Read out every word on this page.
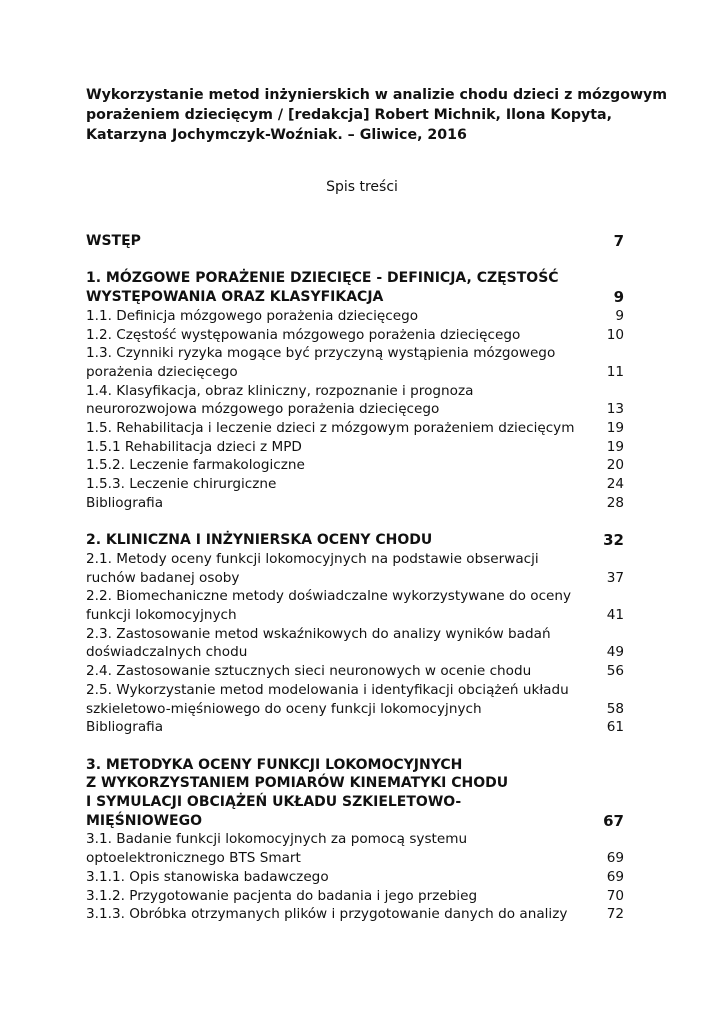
Wykorzystanie metod inżynierskich w analizie chodu dzieci z mózgowym
porażeniem dziecięcym / [redakcja] Robert Michnik, Ilona Kopyta,
Katarzyna Jochymczyk-Woźniak. – Gliwice, 2016
Spis treści
WSTĘP	7
1. MÓZGOWE PORAŻENIE DZIECIĘCE - DEFINICJA, CZĘSTOŚĆ
WYSTĘPOWANIA ORAZ KLASYFIKACJA	9
1.1. Definicja mózgowego porażenia dziecięcego	9
1.2. Częstość występowania mózgowego porażenia dziecięcego	10
1.3. Czynniki ryzyka mogące być przyczyną wystąpienia mózgowego
porażenia dziecięcego	11
1.4. Klasyfikacja, obraz kliniczny, rozpoznanie i prognoza
neurorozwojowa mózgowego porażenia dziecięcego	13
1.5. Rehabilitacja i leczenie dzieci z mózgowym porażeniem dziecięcym	19
1.5.1 Rehabilitacja dzieci z MPD	19
1.5.2. Leczenie farmakologiczne	20
1.5.3. Leczenie chirurgiczne	24
Bibliografia	28
2. KLINICZNA I INŻYNIERSKA OCENY CHODU	32
2.1. Metody oceny funkcji lokomocyjnych na podstawie obserwacji
ruchów badanej osoby	37
2.2. Biomechaniczne metody doświadczalne wykorzystywane do oceny
funkcji lokomocyjnych	41
2.3. Zastosowanie metod wskaźnikowych do analizy wyników badań
doświadczalnych chodu	49
2.4. Zastosowanie sztucznych sieci neuronowych w ocenie chodu	56
2.5. Wykorzystanie metod modelowania i identyfikacji obciążeń układu
szkieletowo-mięśniowego do oceny funkcji lokomocyjnych	58
Bibliografia	61
3. METODYKA OCENY FUNKCJI LOKOMOCYJNYCH
Z WYKORZYSTANIEM POMIARÓW KINEMATYKI CHODU
I SYMULACJI OBCIĄŻEŃ UKŁADU SZKIELETOWO-
MIĘŚNIOWEGO	67
3.1. Badanie funkcji lokomocyjnych za pomocą systemu
optoelektronicznego BTS Smart	69
3.1.1. Opis stanowiska badawczego	69
3.1.2. Przygotowanie pacjenta do badania i jego przebieg	70
3.1.3. Obróbka otrzymanych plików i przygotowanie danych do analizy	72
